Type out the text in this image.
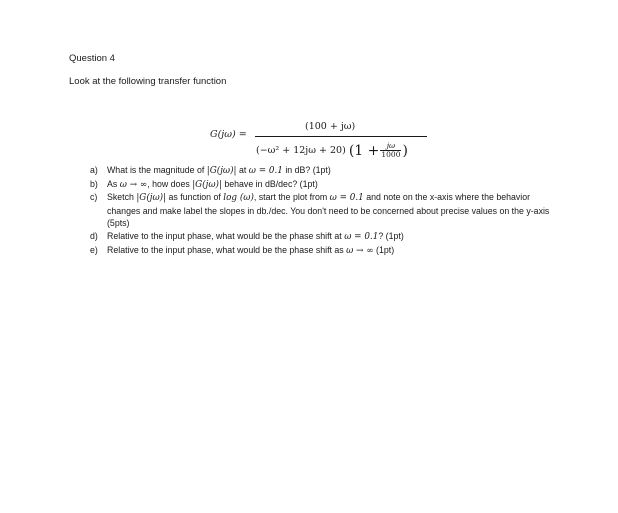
Question 4
Look at the following transfer function
G(jω) =
(100 + jω)
(−ω² + 12jω + 20) ($1 + \frac{j\omega}{1000}$ )
a) What is the magnitude of |G(jω)| at ω = 0.1 in dB? (1pt)
b) As ω → ∞, how does |G(jω)| behave in dB/dec? (1pt)
c) Sketch |G(jω)| as function of log (ω), start the plot from ω = 0.1 and note on the x-axis where the behavior changes and make label the slopes in db./dec. You don't need to be concerned about precise values on the y-axis (5pts)
d) Relative to the input phase, what would be the phase shift at ω = 0.1? (1pt)
e) Relative to the input phase, what would be the phase shift as ω → ∞ (1pt)
